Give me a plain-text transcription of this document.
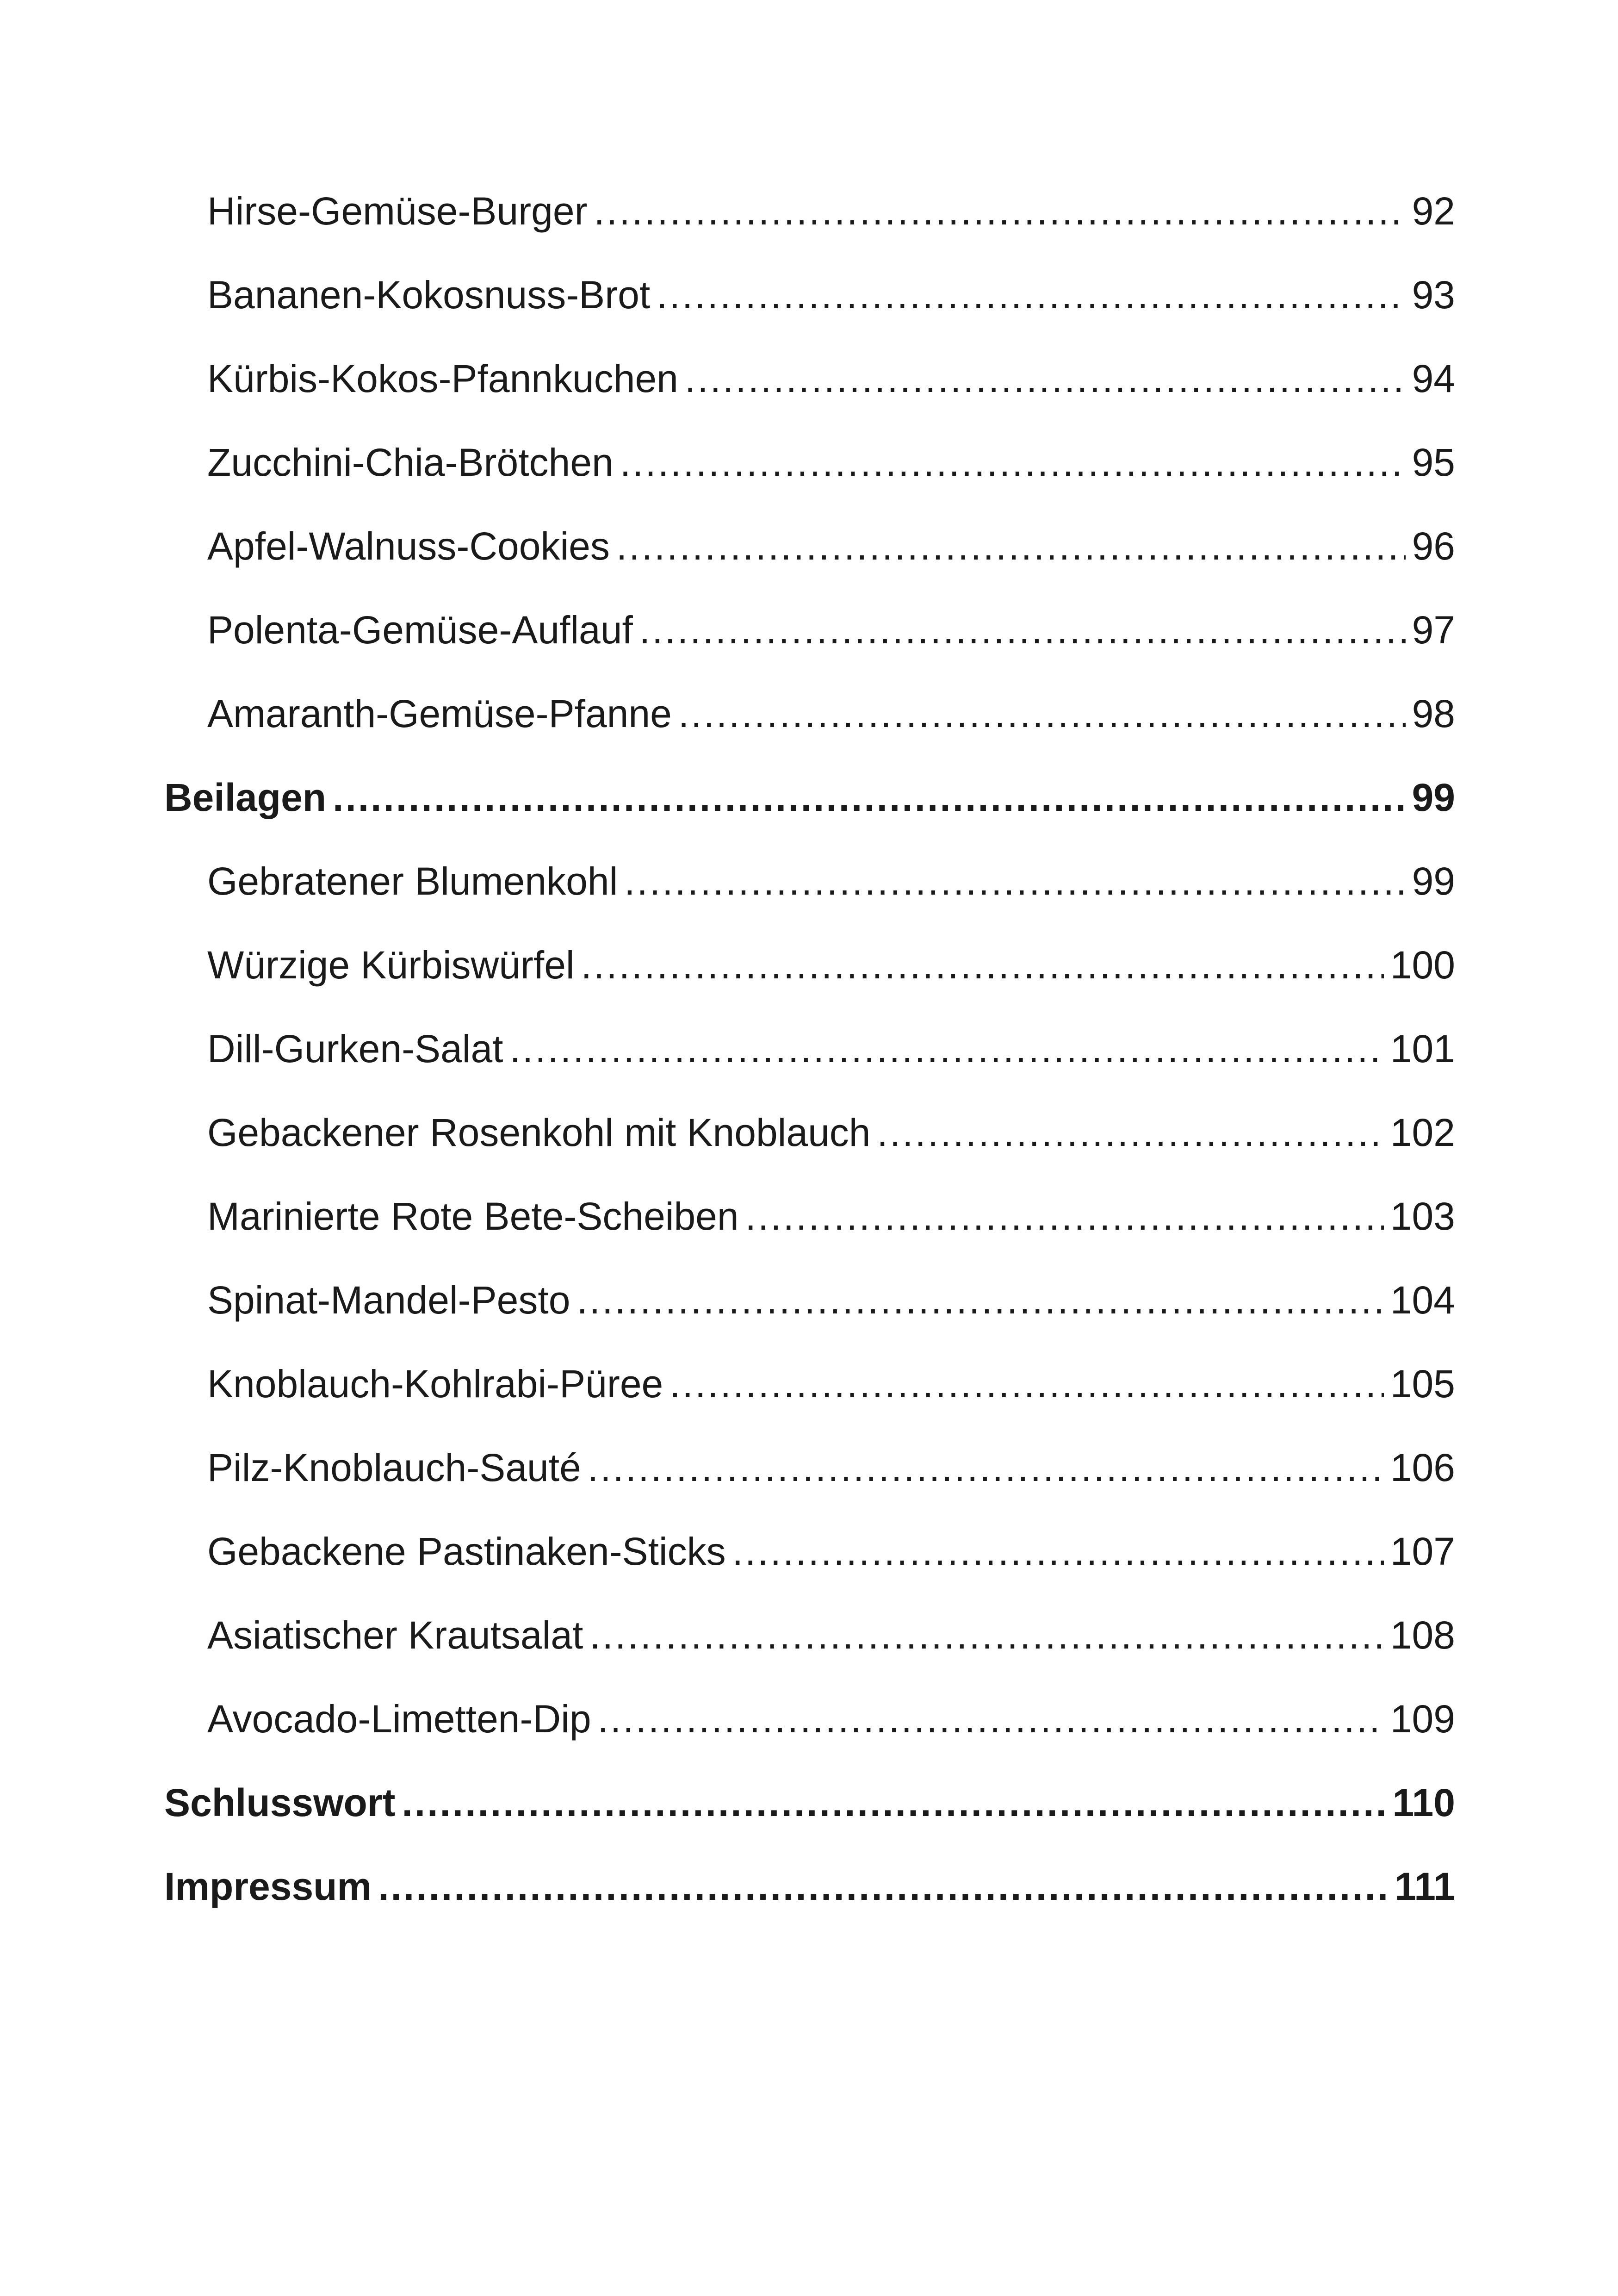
Hirse-Gemüse-Burger .....	92
Bananen-Kokosnuss-Brot .....	93
Kürbis-Kokos-Pfannkuchen .....	94
Zucchini-Chia-Brötchen .....	95
Apfel-Walnuss-Cookies .....	96
Polenta-Gemüse-Auflauf .....	97
Amaranth-Gemüse-Pfanne .....	98
Beilagen .....	99
Gebratener Blumenkohl .....	99
Würzige Kürbiswürfel .....	100
Dill-Gurken-Salat .....	101
Gebackener Rosenkohl mit Knoblauch .....	102
Marinierte Rote Bete-Scheiben .....	103
Spinat-Mandel-Pesto .....	104
Knoblauch-Kohlrabi-Püree .....	105
Pilz-Knoblauch-Sauté .....	106
Gebackene Pastinaken-Sticks .....	107
Asiatischer Krautsalat .....	108
Avocado-Limetten-Dip .....	109
Schlusswort .....	110
Impressum .....	111
